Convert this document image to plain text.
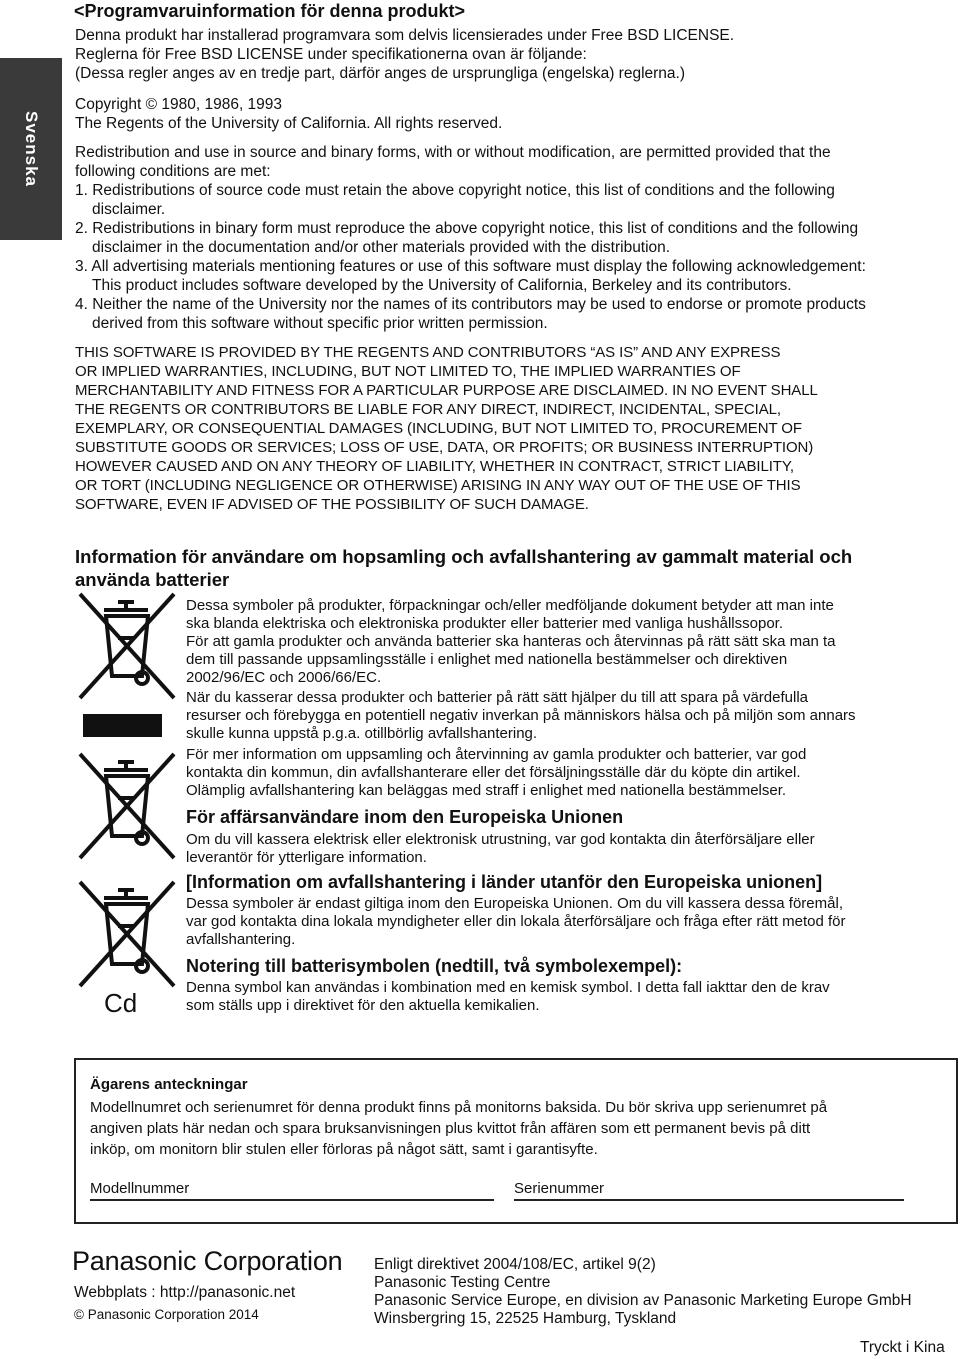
Svenska
<Programvaruinformation för denna produkt>
Denna produkt har installerad programvara som delvis licensierades under Free BSD LICENSE.
Reglerna för Free BSD LICENSE under specifikationerna ovan är följande:
(Dessa regler anges av en tredje part, därför anges de ursprungliga (engelska) reglerna.)
Copyright © 1980, 1986, 1993
The Regents of the University of California. All rights reserved.
Redistribution and use in source and binary forms, with or without modification, are permitted provided that the
following conditions are met:
1. Redistributions of source code must retain the above copyright notice, this list of conditions and the following
disclaimer.
2. Redistributions in binary form must reproduce the above copyright notice, this list of conditions and the following
disclaimer in the documentation and/or other materials provided with the distribution.
3. All advertising materials mentioning features or use of this software must display the following acknowledgement:
This product includes software developed by the University of California, Berkeley and its contributors.
4. Neither the name of the University nor the names of its contributors may be used to endorse or promote products
derived from this software without specific prior written permission.
THIS SOFTWARE IS PROVIDED BY THE REGENTS AND CONTRIBUTORS “AS IS” AND ANY EXPRESS
OR IMPLIED WARRANTIES, INCLUDING, BUT NOT LIMITED TO, THE IMPLIED WARRANTIES OF
MERCHANTABILITY AND FITNESS FOR A PARTICULAR PURPOSE ARE DISCLAIMED. IN NO EVENT SHALL
THE REGENTS OR CONTRIBUTORS BE LIABLE FOR ANY DIRECT, INDIRECT, INCIDENTAL, SPECIAL,
EXEMPLARY, OR CONSEQUENTIAL DAMAGES (INCLUDING, BUT NOT LIMITED TO, PROCUREMENT OF
SUBSTITUTE GOODS OR SERVICES; LOSS OF USE, DATA, OR PROFITS; OR BUSINESS INTERRUPTION)
HOWEVER CAUSED AND ON ANY THEORY OF LIABILITY, WHETHER IN CONTRACT, STRICT LIABILITY,
OR TORT (INCLUDING NEGLIGENCE OR OTHERWISE) ARISING IN ANY WAY OUT OF THE USE OF THIS
SOFTWARE, EVEN IF ADVISED OF THE POSSIBILITY OF SUCH DAMAGE.
Information för användare om hopsamling och avfallshantering av gammalt material och
använda batterier
Cd
Dessa symboler på produkter, förpackningar och/eller medföljande dokument betyder att man inte
ska blanda elektriska och elektroniska produkter eller batterier med vanliga hushållssopor.
För att gamla produkter och använda batterier ska hanteras och återvinnas på rätt sätt ska man ta
dem till passande uppsamlingsställe i enlighet med nationella bestämmelser och direktiven
2002/96/EC och 2006/66/EC.
När du kasserar dessa produkter och batterier på rätt sätt hjälper du till att spara på värdefulla
resurser och förebygga en potentiell negativ inverkan på människors hälsa och på miljön som annars
skulle kunna uppstå p.g.a. otillbörlig avfallshantering.
För mer information om uppsamling och återvinning av gamla produkter och batterier, var god
kontakta din kommun, din avfallshanterare eller det försäljningsställe där du köpte din artikel.
Olämplig avfallshantering kan beläggas med straff i enlighet med nationella bestämmelser.
För affärsanvändare inom den Europeiska Unionen
Om du vill kassera elektrisk eller elektronisk utrustning, var god kontakta din återförsäljare eller
leverantör för ytterligare information.
[Information om avfallshantering i länder utanför den Europeiska unionen]
Dessa symboler är endast giltiga inom den Europeiska Unionen. Om du vill kassera dessa föremål,
var god kontakta dina lokala myndigheter eller din lokala återförsäljare och fråga efter rätt metod för
avfallshantering.
Notering till batterisymbolen (nedtill, två symbolexempel):
Denna symbol kan användas i kombination med en kemisk symbol. I detta fall iakttar den de krav
som ställs upp i direktivet för den aktuella kemikalien.
Ägarens anteckningar
Modellnumret och serienumret för denna produkt finns på monitorns baksida. Du bör skriva upp serienumret på
angiven plats här nedan och spara bruksanvisningen plus kvittot från affären som ett permanent bevis på ditt
inköp, om monitorn blir stulen eller förloras på något sätt, samt i garantisyfte.
Modellnummer	Serienummer
Panasonic Corporation
Webbplats : http://panasonic.net
© Panasonic Corporation 2014
Enligt direktivet 2004/108/EC, artikel 9(2)
Panasonic Testing Centre
Panasonic Service Europe, en division av Panasonic Marketing Europe GmbH
Winsbergring 15, 22525 Hamburg, Tyskland
Tryckt i Kina
